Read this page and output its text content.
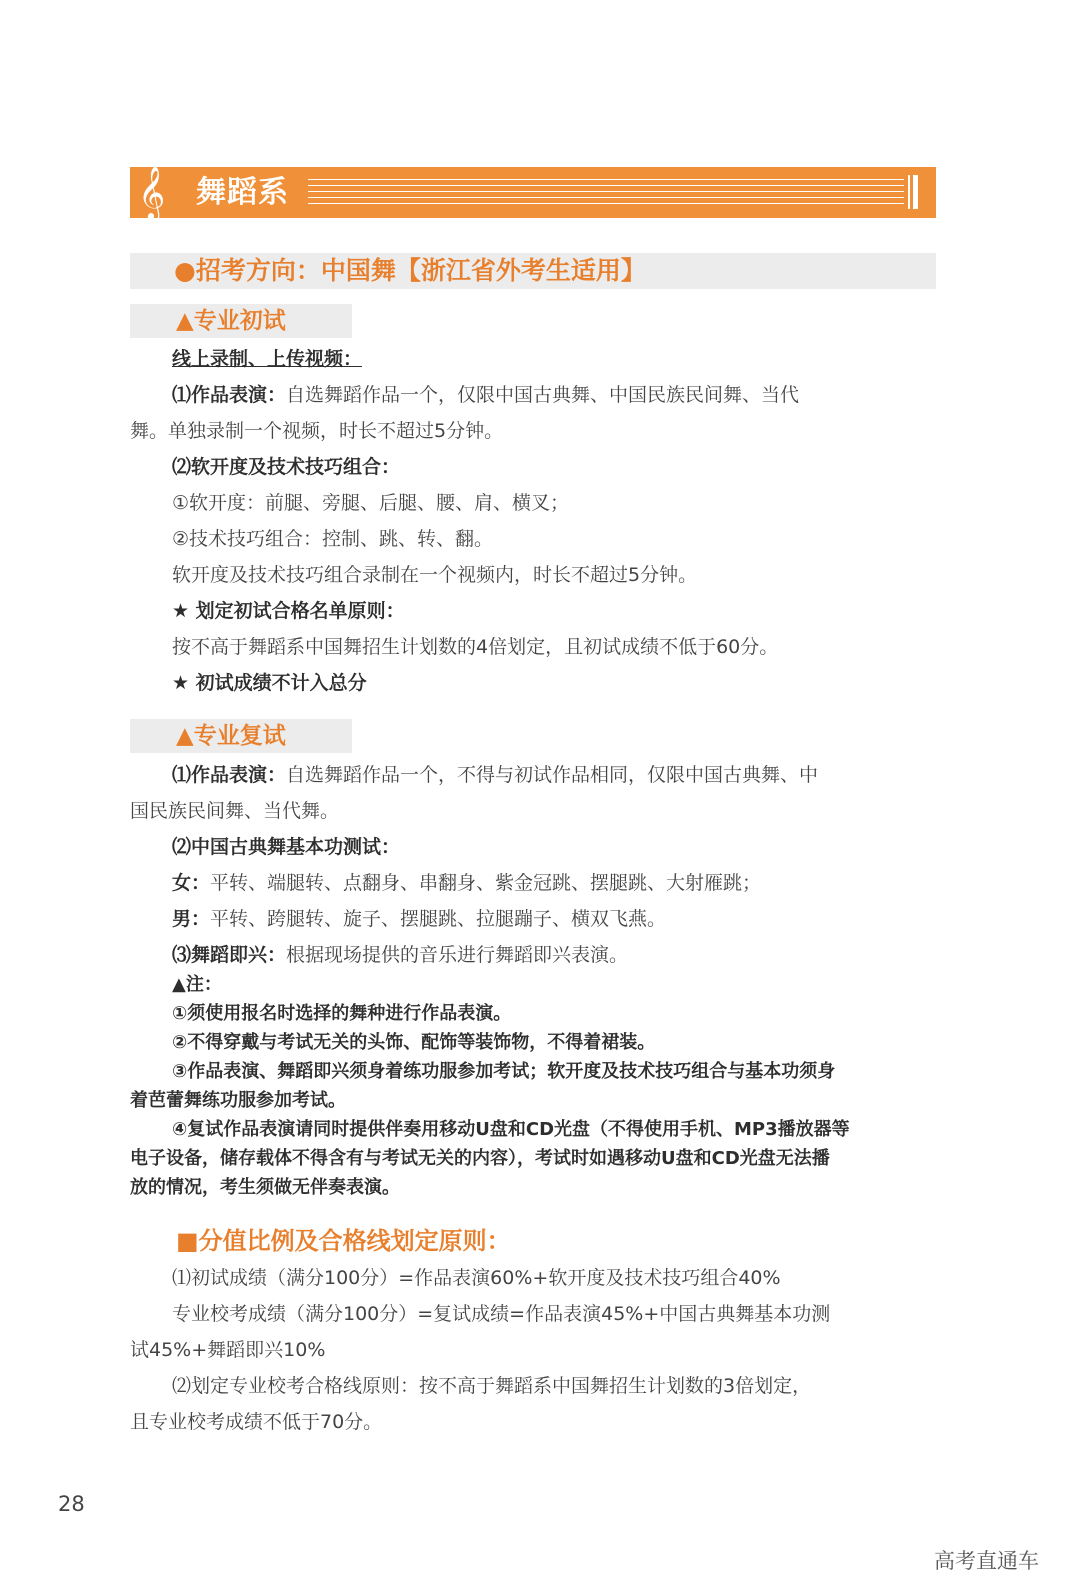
𝄞 舞蹈系
●招考方向：中国舞【浙江省外考生适用】
▲专业初试
线上录制、上传视频：
⑴作品表演：自选舞蹈作品一个，仅限中国古典舞、中国民族民间舞、当代
舞。单独录制一个视频，时长不超过5分钟。
⑵软开度及技术技巧组合：
①软开度：前腿、旁腿、后腿、腰、肩、横叉；
②技术技巧组合：控制、跳、转、翻。
软开度及技术技巧组合录制在一个视频内，时长不超过5分钟。
★ 划定初试合格名单原则：
按不高于舞蹈系中国舞招生计划数的4倍划定，且初试成绩不低于60分。
★ 初试成绩不计入总分
▲专业复试
⑴作品表演：自选舞蹈作品一个，不得与初试作品相同，仅限中国古典舞、中
国民族民间舞、当代舞。
⑵中国古典舞基本功测试：
女：平转、端腿转、点翻身、串翻身、紫金冠跳、摆腿跳、大射雁跳；
男：平转、跨腿转、旋子、摆腿跳、拉腿蹦子、横双飞燕。
⑶舞蹈即兴：根据现场提供的音乐进行舞蹈即兴表演。
▲注：
①须使用报名时选择的舞种进行作品表演。
②不得穿戴与考试无关的头饰、配饰等装饰物，不得着裙装。
③作品表演、舞蹈即兴须身着练功服参加考试；软开度及技术技巧组合与基本功须身
着芭蕾舞练功服参加考试。
④复试作品表演请同时提供伴奏用移动U盘和CD光盘（不得使用手机、MP3播放器等
电子设备，储存载体不得含有与考试无关的内容），考试时如遇移动U盘和CD光盘无法播
放的情况，考生须做无伴奏表演。
■分值比例及合格线划定原则：
⑴初试成绩（满分100分）=作品表演60%+软开度及技术技巧组合40%
专业校考成绩（满分100分）=复试成绩=作品表演45%+中国古典舞基本功测
试45%+舞蹈即兴10%
⑵划定专业校考合格线原则：按不高于舞蹈系中国舞招生计划数的3倍划定，
且专业校考成绩不低于70分。
28
高考直通车
